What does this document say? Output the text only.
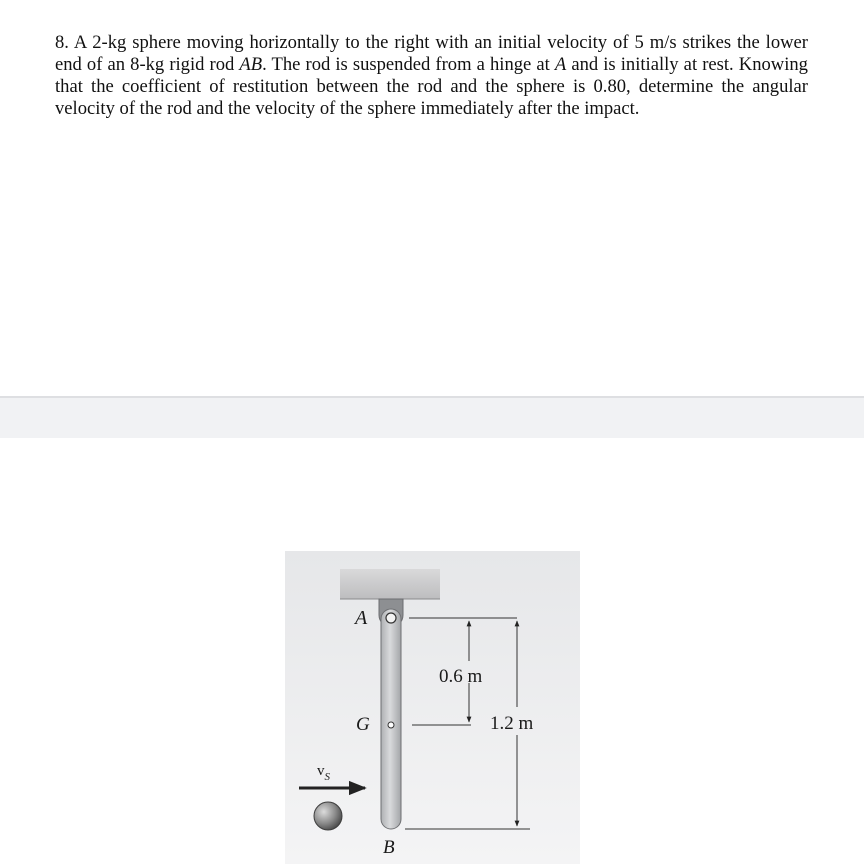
8. A 2-kg sphere moving horizontally to the right with an initial velocity of 5 m/s strikes the lower end of an 8-kg rigid rod AB. The rod is suspended from a hinge at A and is initially at rest. Knowing that the coefficient of restitution between the rod and the sphere is 0.80, determine the angular velocity of the rod and the velocity of the sphere immediately after the impact.
A
G
B
0.6 m
1.2 m
$v_S$
